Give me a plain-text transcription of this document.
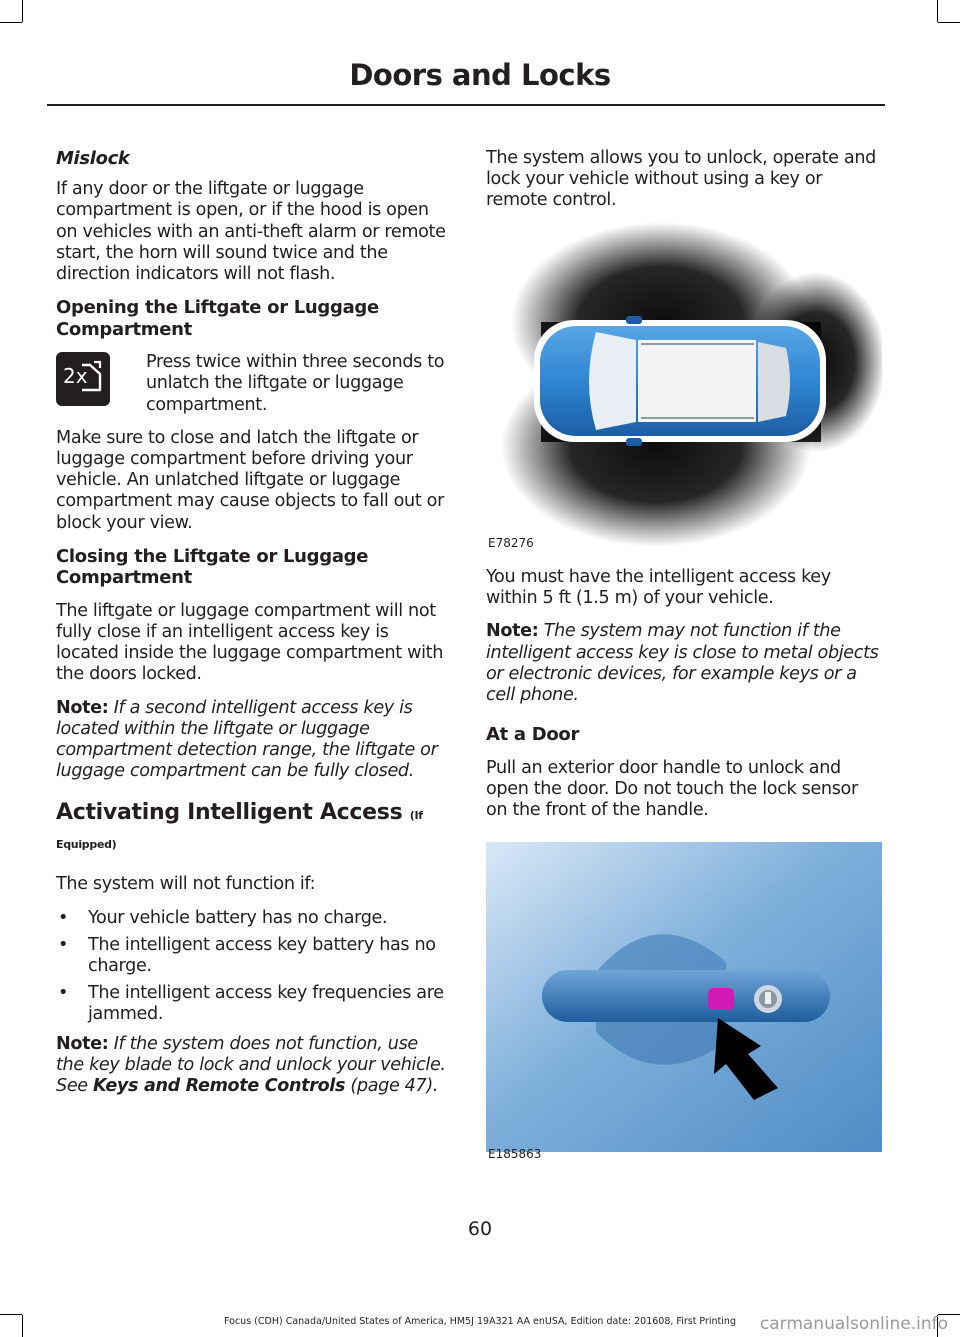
Doors and Locks
Mislock

If any door or the liftgate or luggage compartment is open, or if the hood is open on vehicles with an anti-theft alarm or remote start, the horn will sound twice and the direction indicators will not flash.

Opening the Liftgate or Luggage Compartment
2x
Press twice within three seconds to unlatch the liftgate or luggage compartment.

Make sure to close and latch the liftgate or luggage compartment before driving your vehicle. An unlatched liftgate or luggage compartment may cause objects to fall out or block your view.

Closing the Liftgate or Luggage Compartment

The liftgate or luggage compartment will not fully close if an intelligent access key is located inside the luggage compartment with the doors locked.

Note: If a second intelligent access key is located within the liftgate or luggage compartment detection range, the liftgate or luggage compartment can be fully closed.

Activating Intelligent Access (If Equipped)

The system will not function if:

• Your vehicle battery has no charge.
• The intelligent access key battery has no charge.
• The intelligent access key frequencies are jammed.

Note: If the system does not function, use the key blade to lock and unlock your vehicle. See Keys and Remote Controls (page 47).

The system allows you to unlock, operate and lock your vehicle without using a key or remote control.

E78276

You must have the intelligent access key within 5 ft (1.5 m) of your vehicle.

Note: The system may not function if the intelligent access key is close to metal objects or electronic devices, for example keys or a cell phone.

At a Door

Pull an exterior door handle to unlock and open the door. Do not touch the lock sensor on the front of the handle.

E185863
60
Focus (CDH) Canada/United States of America, HM5J 19A321 AA enUSA, Edition date: 201608, First Printing	carmanualsonline.info
